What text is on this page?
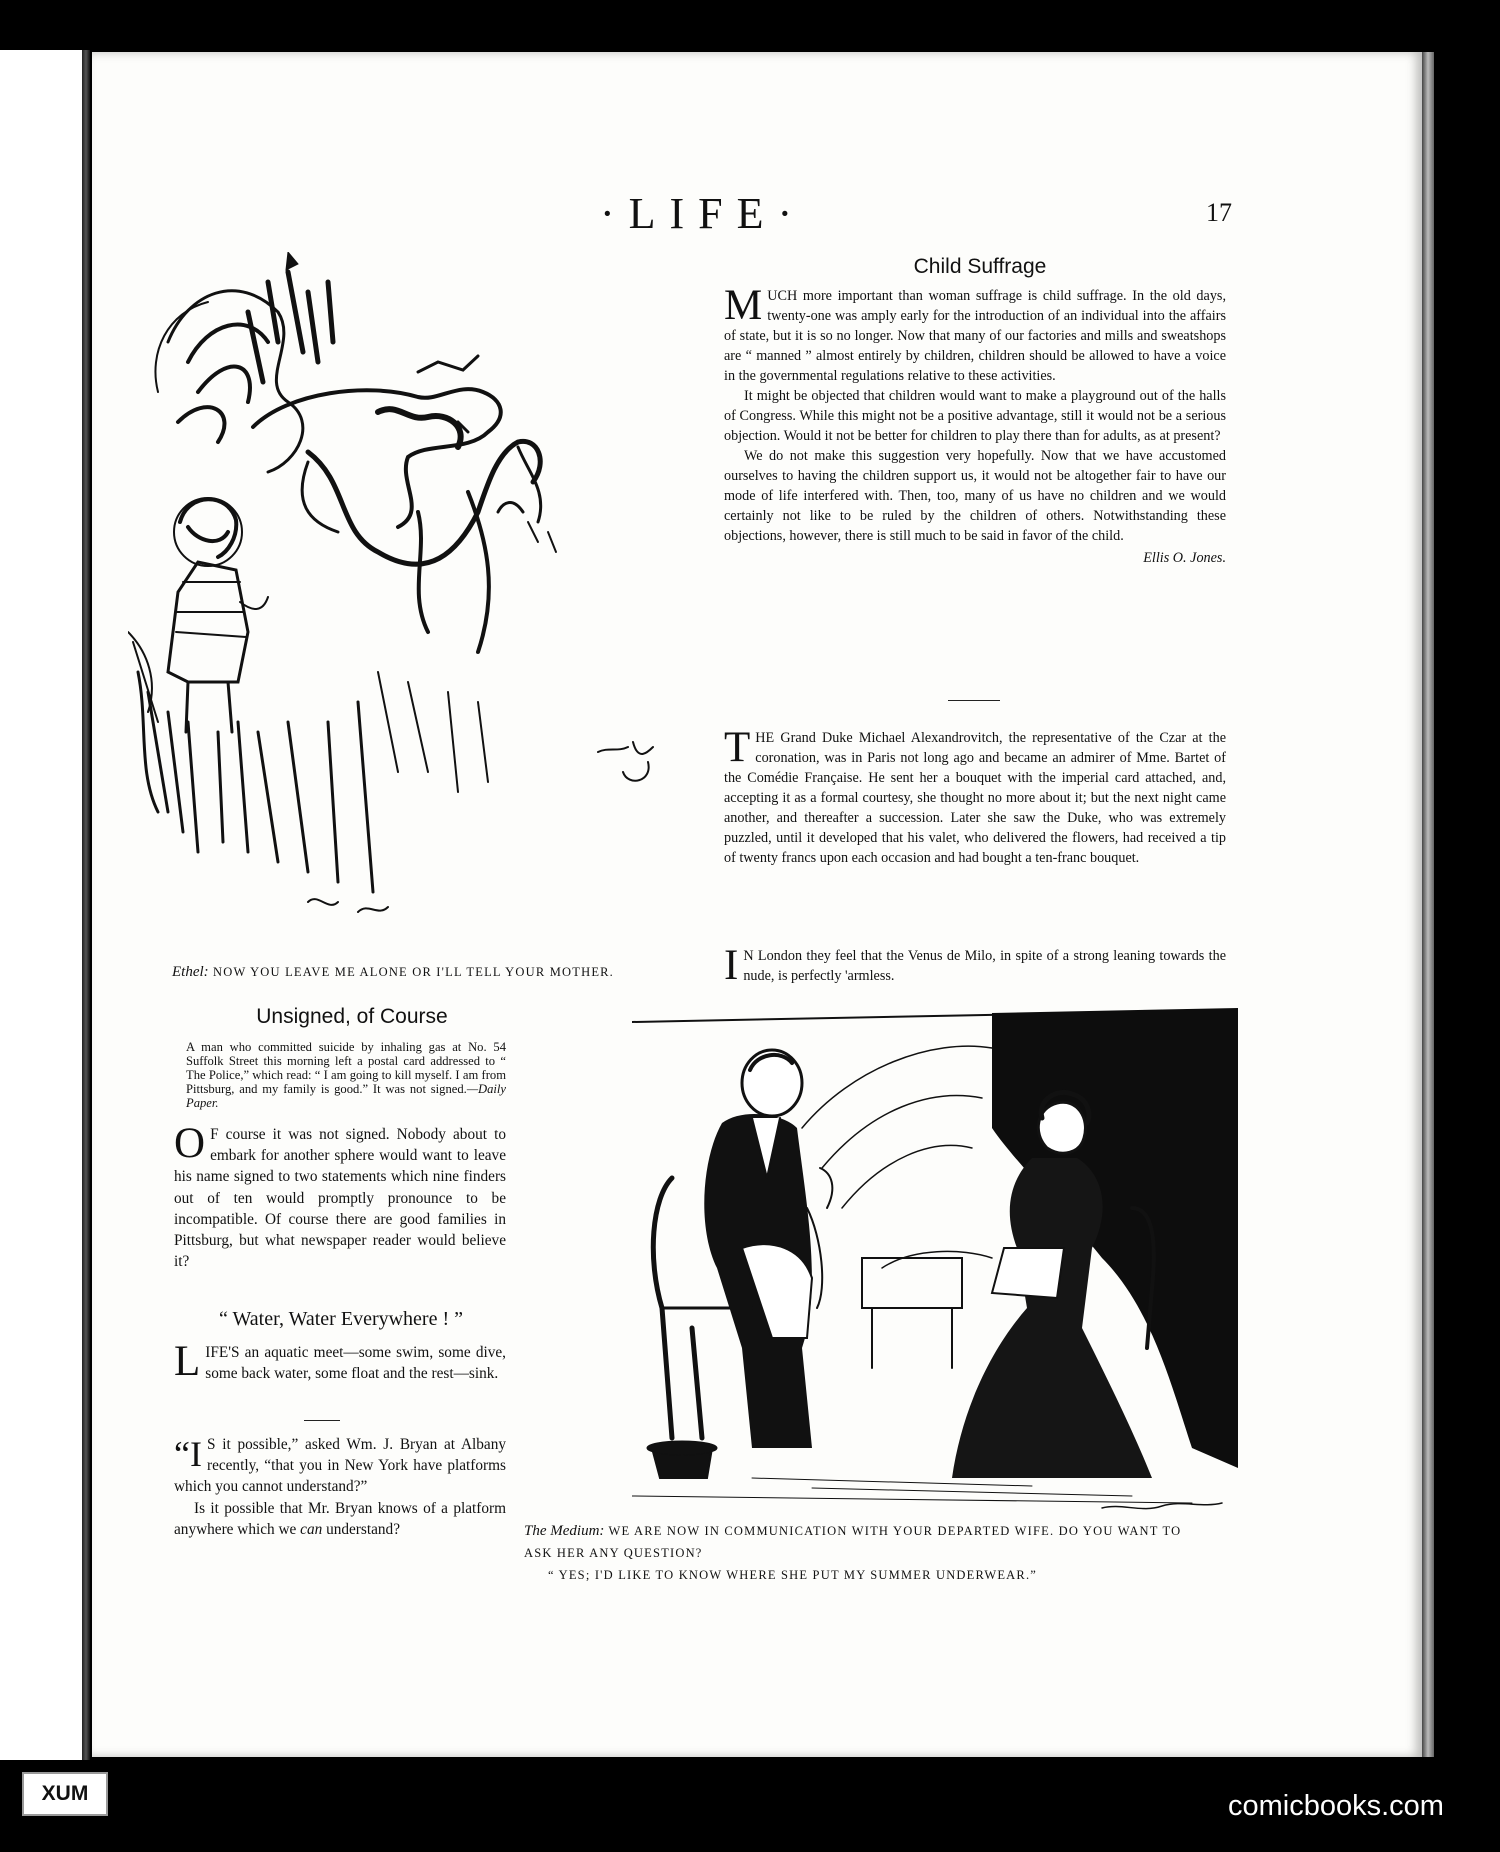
·LIFE·	17
Ethel: NOW YOU LEAVE ME ALONE OR I'LL TELL YOUR MOTHER.
Child Suffrage

MUCH more important than woman suffrage is child suffrage. In the old days, twenty-one was amply early for the introduction of an individual into the affairs of state, but it is so no longer. Now that many of our factories and mills and sweatshops are “ manned ” almost entirely by children, children should be allowed to have a voice in the governmental regulations relative to these activities.

It might be objected that children would want to make a playground out of the halls of Congress. While this might not be a positive advantage, still it would not be a serious objection. Would it not be better for children to play there than for adults, as at present?

We do not make this suggestion very hopefully. Now that we have accustomed ourselves to having the children support us, it would not be altogether fair to have our mode of life interfered with. Then, too, many of us have no children and we would certainly not like to be ruled by the children of others. Notwithstanding these objections, however, there is still much to be said in favor of the child.

Ellis O. Jones.

THE Grand Duke Michael Alexandrovitch, the representative of the Czar at the coronation, was in Paris not long ago and became an admirer of Mme. Bartet of the Comédie Française. He sent her a bouquet with the imperial card attached, and, accepting it as a formal courtesy, she thought no more about it; but the next night came another, and thereafter a succession. Later she saw the Duke, who was extremely puzzled, until it developed that his valet, who delivered the flowers, had received a tip of twenty francs upon each occasion and had bought a ten-franc bouquet.

I N London they feel that the Venus de Milo, in spite of a strong leaning towards the nude, is perfectly 'armless.

Unsigned, of Course
A man who committed suicide by inhaling gas at No. 54 Suffolk Street this morning left a postal card addressed to “ The Police,” which read: “ I am going to kill myself. I am from Pittsburg, and my family is good.” It was not signed.—Daily Paper.

O F course it was not signed. Nobody about to embark for another sphere would want to leave his name signed to two statements which nine finders out of ten would promptly pronounce to be incompatible. Of course there are good families in Pittsburg, but what newspaper reader would believe it?

“ Water, Water Everywhere ! ”

LIFE'S an aquatic meet—some swim, some dive, some back water, some float and the rest—sink.

“I S it possible,” asked Wm. J. Bryan at Albany recently, “that you in New York have platforms which you cannot understand?”

Is it possible that Mr. Bryan knows of a platform anywhere which we can understand?	The Medium: WE ARE NOW IN COMMUNICATION WITH YOUR DEPARTED WIFE. DO YOU WANT TO ASK HER ANY QUESTION?
“ YES; I'D LIKE TO KNOW WHERE SHE PUT MY SUMMER UNDERWEAR.”
XUM	comicbooks.com
